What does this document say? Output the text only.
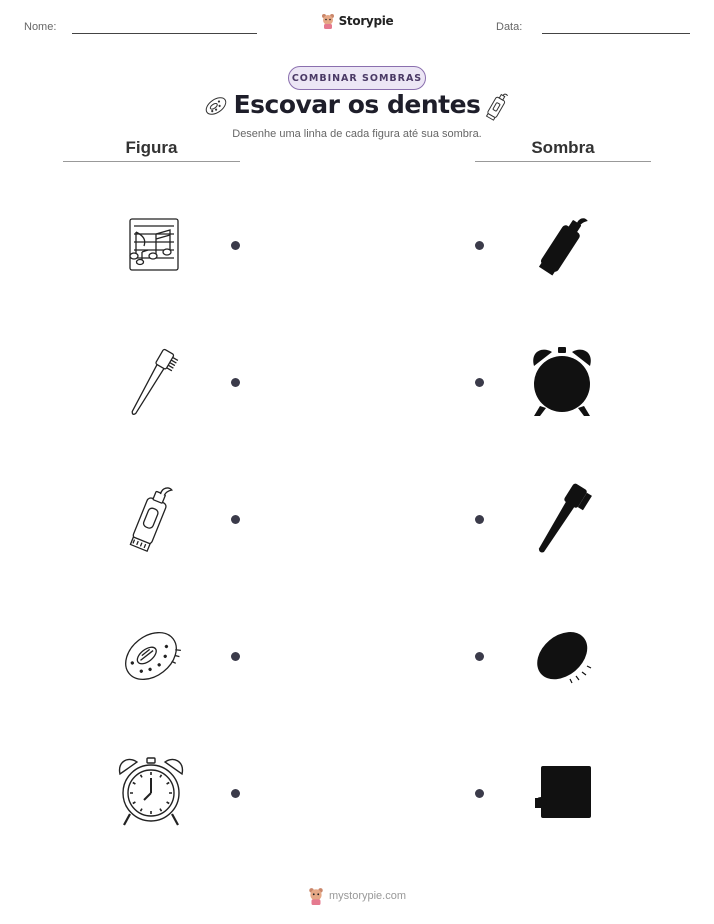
Nome:	Storypie	Data:
COMBINAR SOMBRAS
Escovar os dentes
Desenhe uma linha de cada figura até sua sombra.
Figura	Sombra
mystorypie.com
